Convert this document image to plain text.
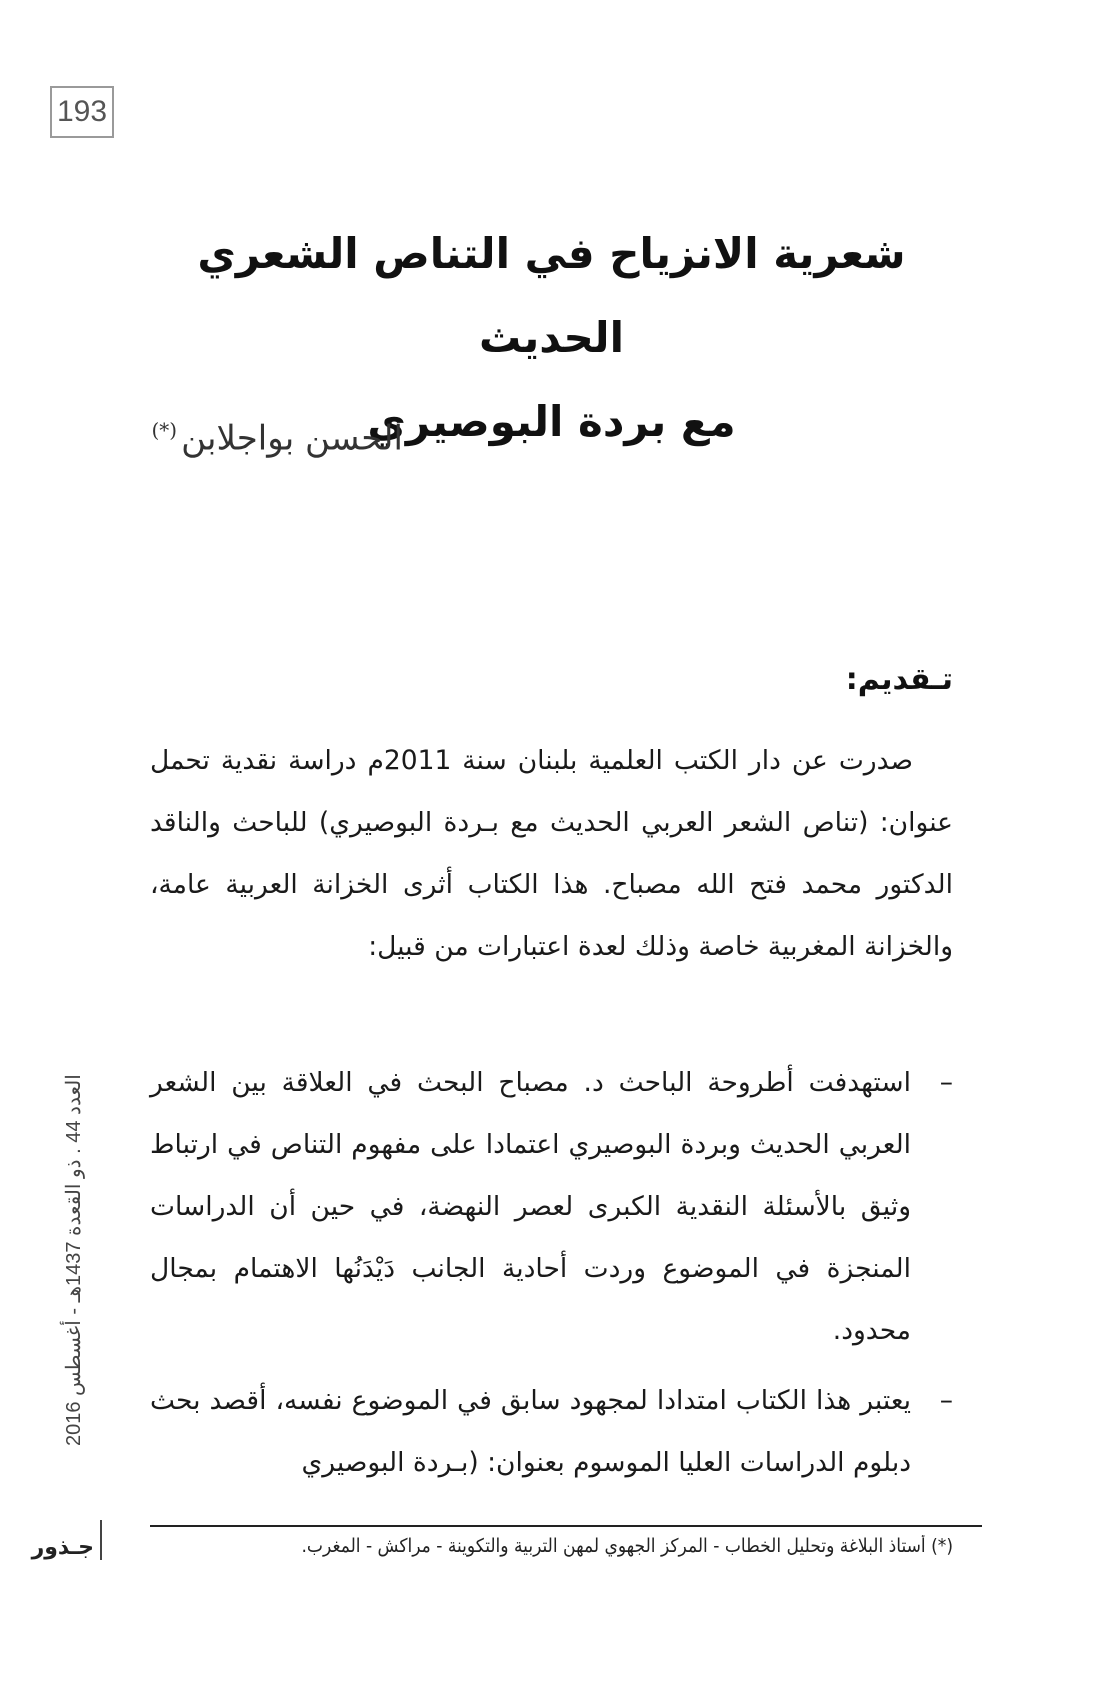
193
شعرية الانزياح في التناص الشعري الحديث
مع بردة البوصيري
الحسن بواجلابن(*)
تـقديم:

صدرت عن دار الكتب العلمية بلبنان سنة 2011م دراسة نقدية تحمل عنوان: (تناص الشعر العربي الحديث مع بـردة البوصيري) للباحث والناقد الدكتور محمد فتح الله مصباح. هذا الكتاب أثرى الخزانة العربية عامة، والخزانة المغربية خاصة وذلك لعدة اعتبارات من قبيل:

–
استهدفت أطروحة الباحث د. مصباح البحث في العلاقة بين الشعر العربي الحديث وبردة البوصيري اعتمادا على مفهوم التناص في ارتباط وثيق بالأسئلة النقدية الكبرى لعصر النهضة، في حين أن الدراسات المنجزة في الموضوع وردت أحادية الجانب دَيْدَنُها الاهتمام بمجال محدود.
–
يعتبر هذا الكتاب امتدادا لمجهود سابق في الموضوع نفسه، أقصد بحث دبلوم الدراسات العليا الموسوم بعنوان: (بـردة البوصيري
(*) أستاذ البلاغة وتحليل الخطاب - المركز الجهوي لمهن التربية والتكوينة - مراكش - المغرب.
العدد 44 . ذو القعدة 1437هـ - أغسطس 2016
جـذور
